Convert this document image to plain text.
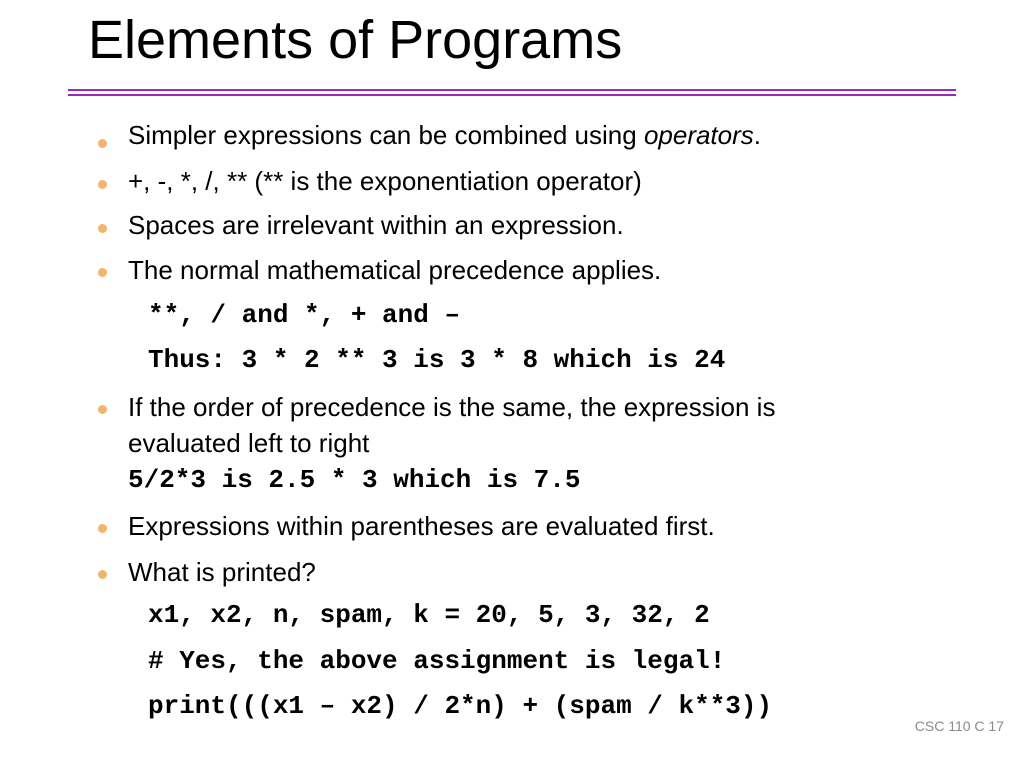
Elements of Programs
Simpler expressions can be combined using operators.
+, -, *, /, ** (** is the exponentiation operator)
Spaces are irrelevant within an expression.
The normal mathematical precedence applies.
**, / and *, + and –
Thus: 3 * 2 ** 3 is 3 * 8 which is 24
If the order of precedence is the same, the expression is
evaluated left to right
5/2*3 is 2.5 * 3 which is 7.5
Expressions within parentheses are evaluated first.
What is printed?
x1, x2, n, spam, k = 20, 5, 3, 32, 2
# Yes, the above assignment is legal!
print(((x1 – x2) / 2*n) + (spam / k**3))
CSC 110 C 17
